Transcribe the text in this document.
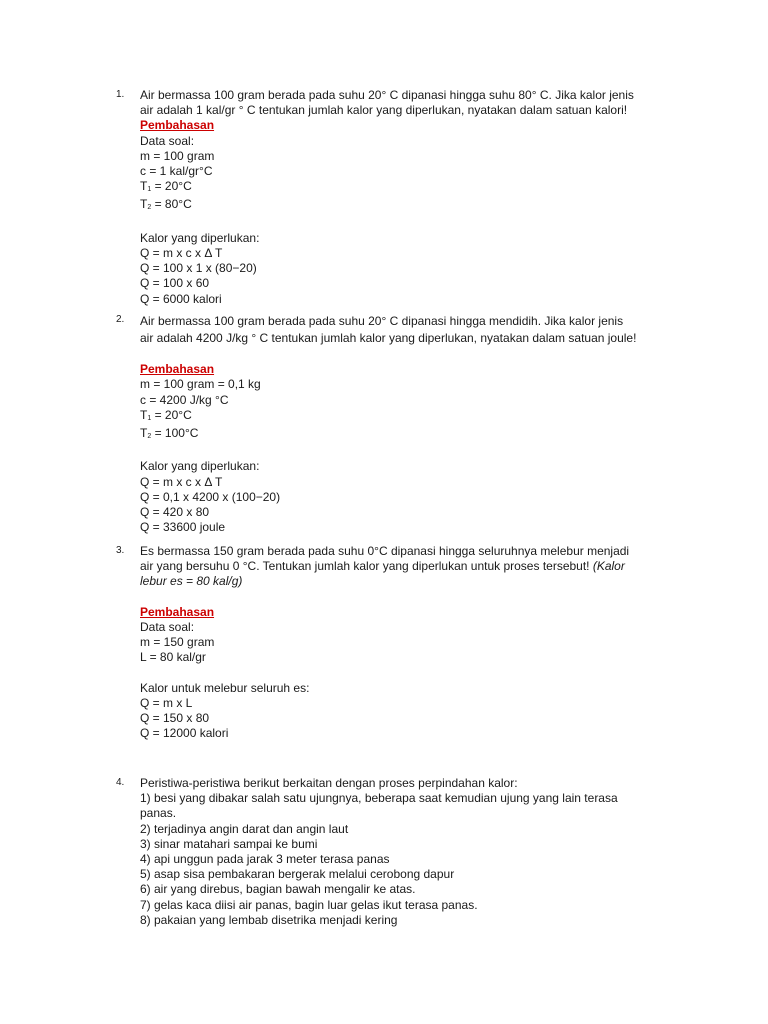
1. Air bermassa 100 gram berada pada suhu 20° C dipanasi hingga suhu 80° C. Jika kalor jenis
air adalah 1 kal/gr ° C tentukan jumlah kalor yang diperlukan, nyatakan dalam satuan kalori!
Pembahasan
Data soal:
m = 100 gram
c = 1 kal/gr°C
$T_1 = 20^\circ C$
$T_2 = 80^\circ C$
Kalor yang diperlukan:
Q = m x c x Δ T
Q = 100 x 1 x (80−20)
Q = 100 x 60
Q = 6000 kalori
2. Air bermassa 100 gram berada pada suhu 20° C dipanasi hingga mendidih. Jika kalor jenis
air adalah 4200 J/kg ° C tentukan jumlah kalor yang diperlukan, nyatakan dalam satuan joule!
Pembahasan
m = 100 gram = 0,1 kg
c = 4200 J/kg °C
$T_1 = 20^\circ C$
$T_2 = 100^\circ C$
Kalor yang diperlukan:
Q = m x c x Δ T
Q = 0,1 x 4200 x (100−20)
Q = 420 x 80
Q = 33600 joule
3. Es bermassa 150 gram berada pada suhu 0°C dipanasi hingga seluruhnya melebur menjadi
air yang bersuhu 0 °C. Tentukan jumlah kalor yang diperlukan untuk proses tersebut! (Kalor
lebur es = 80 kal/g)
Pembahasan
Data soal:
m = 150 gram
L = 80 kal/gr
Kalor untuk melebur seluruh es:
Q = m x L
Q = 150 x 80
Q = 12000 kalori
4. Peristiwa-peristiwa berikut berkaitan dengan proses perpindahan kalor:
1) besi yang dibakar salah satu ujungnya, beberapa saat kemudian ujung yang lain terasa
panas.
2) terjadinya angin darat dan angin laut
3) sinar matahari sampai ke bumi
4) api unggun pada jarak 3 meter terasa panas
5) asap sisa pembakaran bergerak melalui cerobong dapur
6) air yang direbus, bagian bawah mengalir ke atas.
7) gelas kaca diisi air panas, bagin luar gelas ikut terasa panas.
8) pakaian yang lembab disetrika menjadi kering
